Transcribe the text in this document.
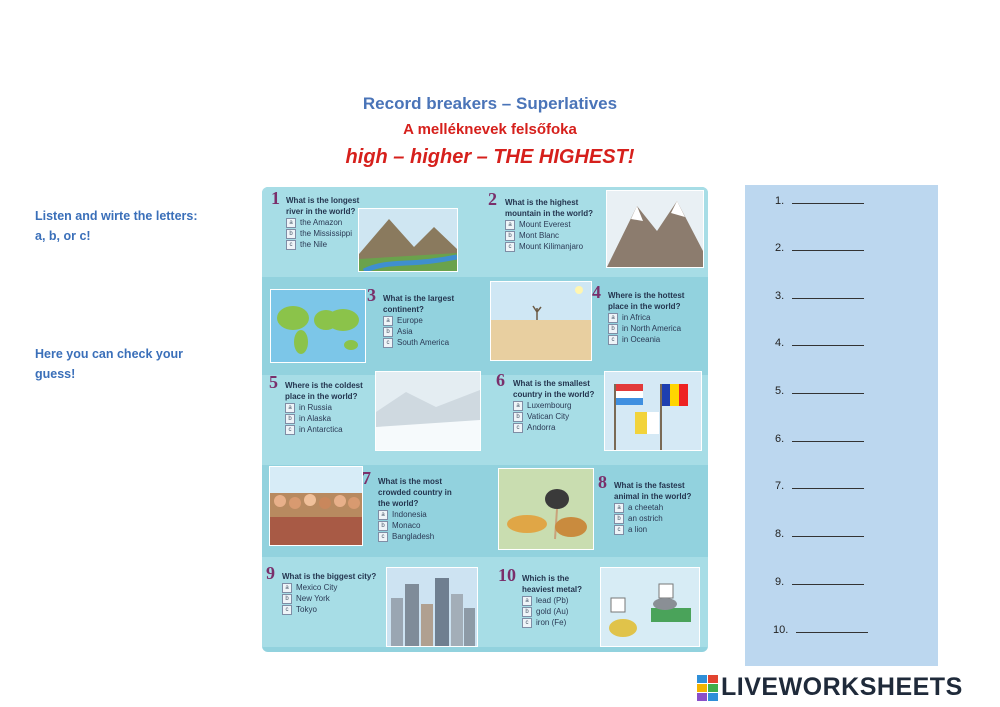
Record breakers – Superlatives
A melléknevek felsőfoka
high – higher – THE HIGHEST!
Listen and wirte the letters:     a, b, or c!
Here you can check your guess!
1 What is the longest river in the world?
a the Amazon
b the Mississippi
c the Nile
2 What is the highest mountain in the world?
a Mount Everest
b Mont Blanc
c Mount Kilimanjaro
3 What is the largest continent?
a Europe
b Asia
c South America
4 Where is the hottest place in the world?
a in Africa
b in North America
c in Oceania
5 Where is the coldest place in the world?
a in Russia
b in Alaska
c in Antarctica
6 What is the smallest country in the world?
a Luxembourg
b Vatican City
c Andorra
7 What is the most crowded country in the world?
a Indonesia
b Monaco
c Bangladesh
8 What is the fastest animal in the world?
a a cheetah
b an ostrich
c a lion
9 What is the biggest city?
a Mexico City
b New York
c Tokyo
10 Which is the heaviest metal?
a lead (Pb)
b gold (Au)
c iron (Fe)
1.
2.
3.
4.
5.
6.
7.
8.
9.
10.
LIVEWORKSHEETS
